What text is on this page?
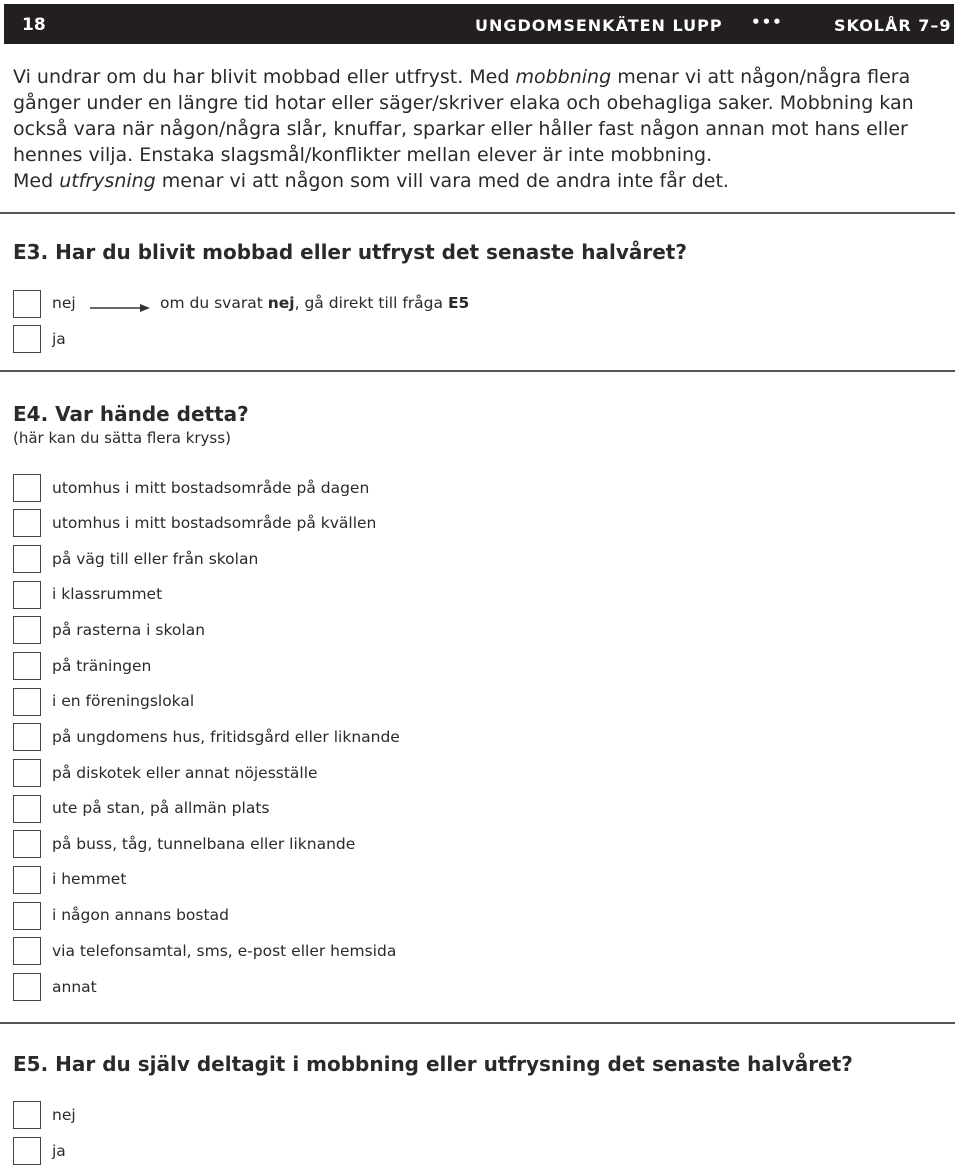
18	UNGDOMSENKÄTEN LUPP •••	SKOLÅR 7–9

Vi undrar om du har blivit mobbad eller utfryst. Med mobbning menar vi att någon/några flera gånger under en längre tid hotar eller säger/skriver elaka och obehagliga saker. Mobbning kan också vara när någon/några slår, knuffar, sparkar eller håller fast någon annan mot hans eller hennes vilja. Enstaka slagsmål/konflikter mellan elever är inte mobbning.

Med utfrysning menar vi att någon som vill vara med de andra inte får det.

E3. Har du blivit mobbad eller utfryst det senaste halvåret?
nej	om du svarat nej, gå direkt till fråga E5
ja
E4. Var hände detta?
(här kan du sätta flera kryss)
utomhus i mitt bostadsområde på dagen
utomhus i mitt bostadsområde på kvällen
på väg till eller från skolan
i klassrummet
på rasterna i skolan
på träningen
i en föreningslokal
på ungdomens hus, fritidsgård eller liknande
på diskotek eller annat nöjesställe
ute på stan, på allmän plats
på buss, tåg, tunnelbana eller liknande
i hemmet
i någon annans bostad
via telefonsamtal, sms, e-post eller hemsida
annat
E5. Har du själv deltagit i mobbning eller utfrysning det senaste halvåret?
nej
ja
